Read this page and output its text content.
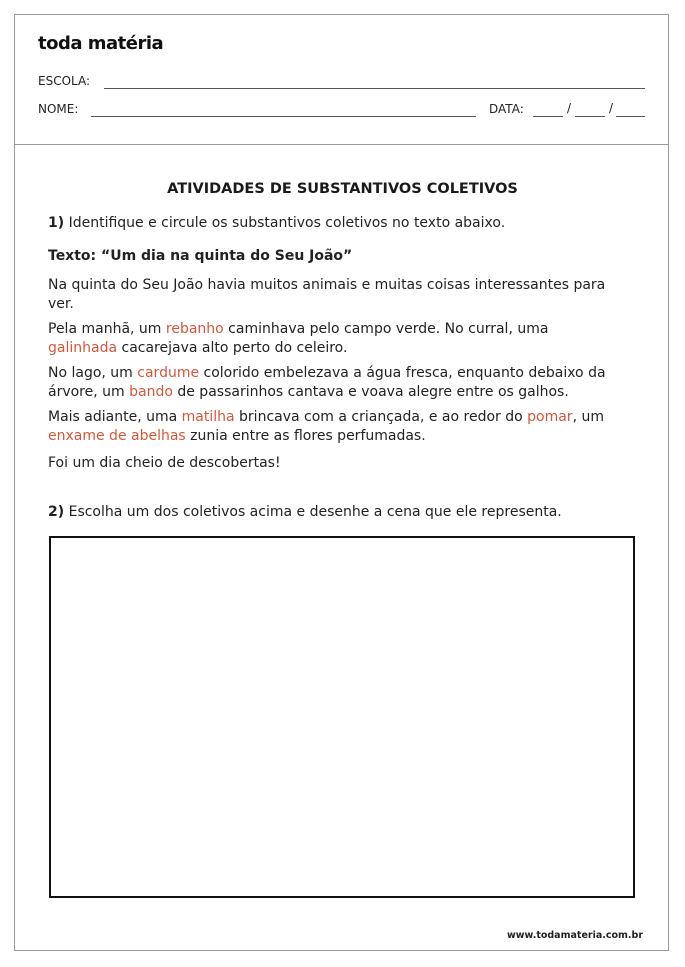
toda matéria
ESCOLA:
NOME:	DATA:	/	/
ATIVIDADES DE SUBSTANTIVOS COLETIVOS
1) Identifique e circule os substantivos coletivos no texto abaixo.
Texto: “Um dia na quinta do Seu João”
Na quinta do Seu João havia muitos animais e muitas coisas interessantes para ver.
Pela manhã, um rebanho caminhava pelo campo verde. No curral, uma galinhada cacarejava alto perto do celeiro.
No lago, um cardume colorido embelezava a água fresca, enquanto debaixo da árvore, um bando de passarinhos cantava e voava alegre entre os galhos.
Mais adiante, uma matilha brincava com a criançada, e ao redor do pomar, um enxame de abelhas zunia entre as flores perfumadas.
Foi um dia cheio de descobertas!
2) Escolha um dos coletivos acima e desenhe a cena que ele representa.
www.todamateria.com.br
